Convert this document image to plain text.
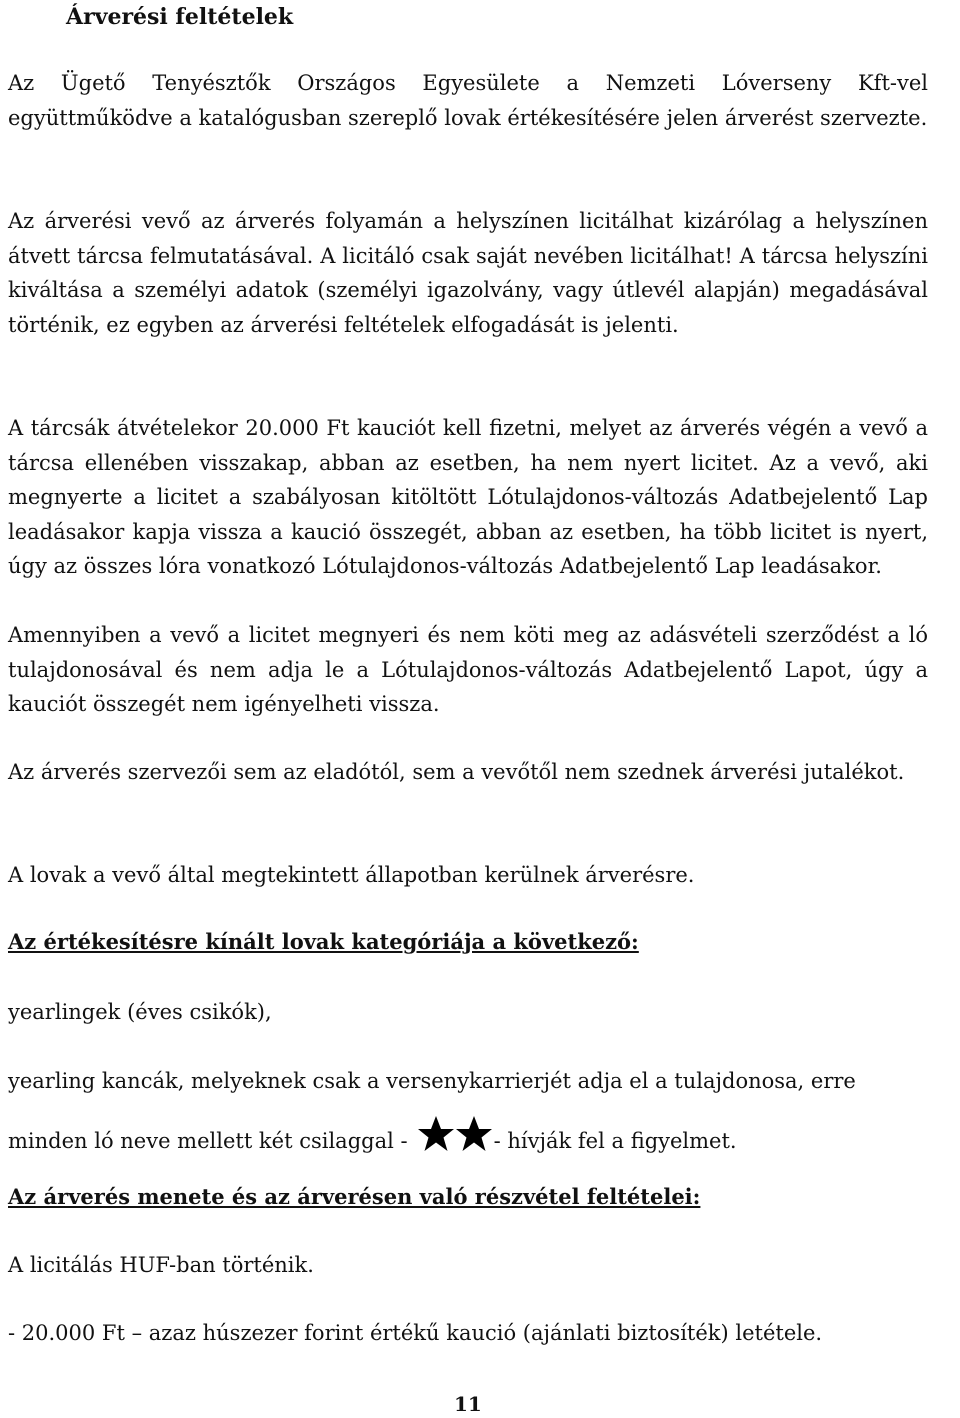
Árverési feltételek

Az Ügető Tenyésztők Országos Egyesülete a Nemzeti Lóverseny Kft-vel együttműködve a katalógusban szereplő lovak értékesítésére jelen árverést szervezte.

Az árverési vevő az árverés folyamán a helyszínen licitálhat kizárólag a helyszínen átvett tárcsa felmutatásával. A licitáló csak saját nevében licitálhat! A tárcsa helyszíni kiváltása a személyi adatok (személyi igazolvány, vagy útlevél alapján) megadásával történik, ez egyben az árverési feltételek elfogadását is jelenti.

A tárcsák átvételekor 20.000 Ft kauciót kell fizetni, melyet az árverés végén a vevő a tárcsa ellenében visszakap, abban az esetben, ha nem nyert licitet. Az a vevő, aki megnyerte a licitet a szabályosan kitöltött Lótulajdonos-változás Adatbejelentő Lap leadásakor kapja vissza a kaució összegét, abban az esetben, ha több licitet is nyert, úgy az összes lóra vonatkozó Lótulajdonos-változás Adatbejelentő Lap leadásakor.

Amennyiben a vevő a licitet megnyeri és nem köti meg az adásvételi szerződést a ló tulajdonosával és nem adja le a Lótulajdonos-változás Adatbejelentő Lapot, úgy a kauciót összegét nem igényelheti vissza.

Az árverés szervezői sem az eladótól, sem a vevőtől nem szednek árverési jutalékot.

A lovak a vevő által megtekintett állapotban kerülnek árverésre.

Az értékesítésre kínált lovak kategóriája a következő:

yearlingek (éves csikók),

yearling kancák, melyeknek csak a versenykarrierjét adja el a tulajdonosa, erre

minden ló neve mellett két csilaggal -	- hívják fel a figyelmet.

Az árverés menete és az árverésen való részvétel feltételei:

A licitálás HUF-ban történik.

- 20.000 Ft – azaz húszezer forint értékű kaució (ajánlati biztosíték) letétele.

11
